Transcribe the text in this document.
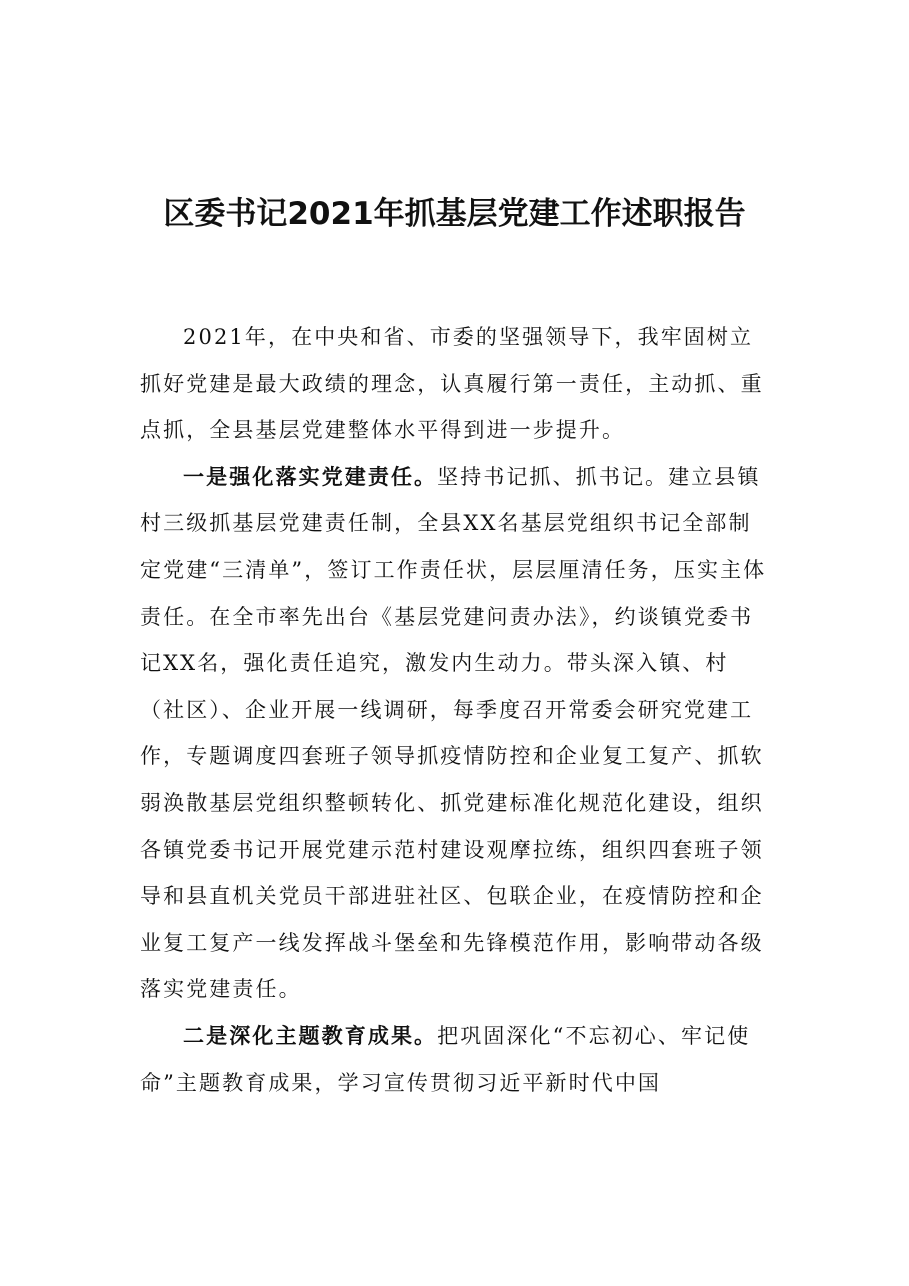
区委书记2021年抓基层党建工作述职报告

2021年，在中央和省、市委的坚强领导下，我牢固树立抓好党建是最大政绩的理念，认真履行第一责任，主动抓、重点抓，全县基层党建整体水平得到进一步提升。

一是强化落实党建责任。坚持书记抓、抓书记。建立县镇村三级抓基层党建责任制，全县XX名基层党组织书记全部制定党建“三清单”，签订工作责任状，层层厘清任务，压实主体责任。在全市率先出台《基层党建问责办法》，约谈镇党委书记XX名，强化责任追究，激发内生动力。带头深入镇、村（社区）、企业开展一线调研，每季度召开常委会研究党建工作，专题调度四套班子领导抓疫情防控和企业复工复产、抓软弱涣散基层党组织整顿转化、抓党建标准化规范化建设，组织各镇党委书记开展党建示范村建设观摩拉练，组织四套班子领导和县直机关党员干部进驻社区、包联企业，在疫情防控和企业复工复产一线发挥战斗堡垒和先锋模范作用，影响带动各级落实党建责任。

二是深化主题教育成果。把巩固深化“不忘初心、牢记使命”主题教育成果，学习宣传贯彻习近平新时代中国
